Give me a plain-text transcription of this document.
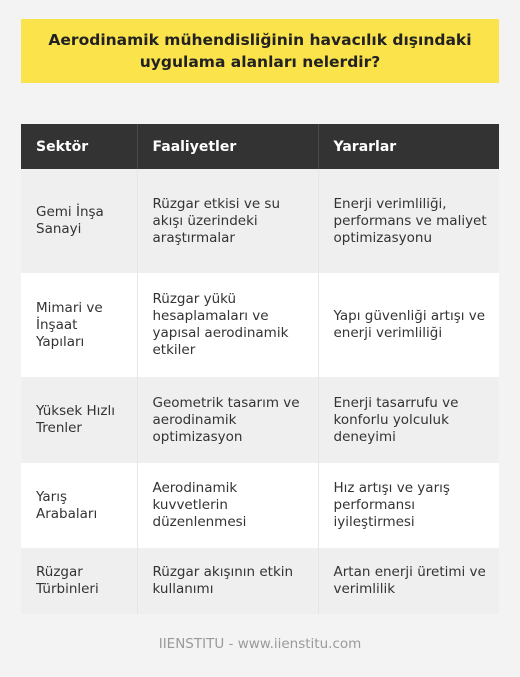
Aerodinamik mühendisliğinin havacılık dışındaki uygulama alanları nelerdir?
Sektör	Faaliyetler	Yararlar

Gemi İnşa Sanayi	Rüzgar etkisi ve su akışı üzerindeki araştırmalar	Enerji verimliliği, performans ve maliyet optimizasyonu

Mimari ve İnşaat Yapıları	Rüzgar yükü hesaplamaları ve yapısal aerodinamik etkiler	Yapı güvenliği artışı ve enerji verimliliği

Yüksek Hızlı Trenler	Geometrik tasarım ve aerodinamik optimizasyon	Enerji tasarrufu ve konforlu yolculuk deneyimi

Yarış Arabaları	Aerodinamik kuvvetlerin düzenlenmesi	Hız artışı ve yarış performansı iyileştirmesi

Rüzgar Türbinleri	Rüzgar akışının etkin kullanımı	Artan enerji üretimi ve verimlilik
IIENSTITU - www.iienstitu.com
